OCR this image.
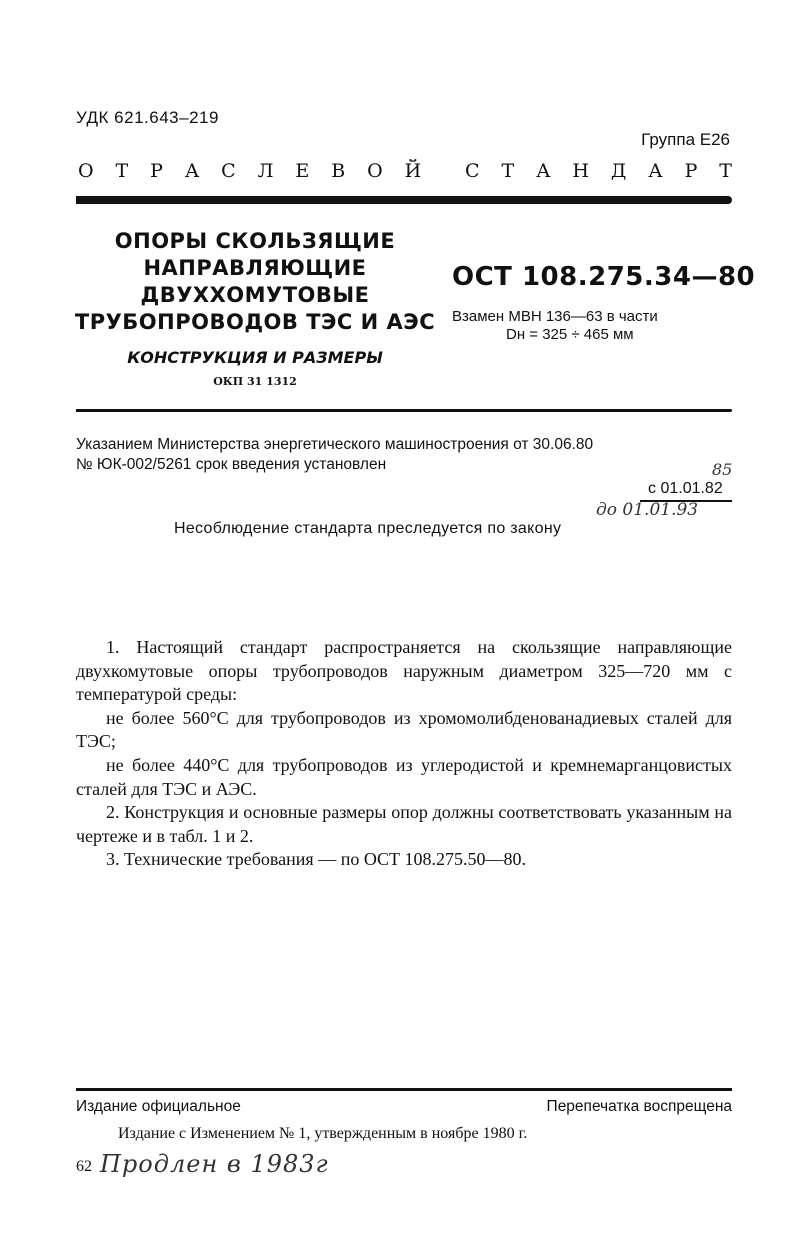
УДК 621.643–219
Группа Е26
О Т Р А С Л Е В О Й С Т А Н Д А Р Т
ОПОРЫ СКОЛЬЗЯЩИЕ
НАПРАВЛЯЮЩИЕ
ДВУХХОМУТОВЫЕ
ТРУБОПРОВОДОВ ТЭС И АЭС
КОНСТРУКЦИЯ И РАЗМЕРЫ
ОКП 31 1312
ОСТ 108.275.34—80
Взамен МВН 136—63 в части
Dн = 325 ÷ 465 мм
Указанием Министерства энергетического машиностроения от 30.06.80
№ ЮК-002/5261 срок введения установлен	85
с 01.01.82
до 01.01.93
Несоблюдение стандарта преследуется по закону

1. Настоящий стандарт распространяется на скользящие направляющие двухкомутовые опоры трубопроводов наружным диаметром 325—720 мм с температурой среды:

не более 560°С для трубопроводов из хромомолибденованадиевых сталей для ТЭС;

не более 440°С для трубопроводов из углеродистой и кремнемарганцовистых сталей для ТЭС и АЭС.

2. Конструкция и основные размеры опор должны соответствовать указанным на чертеже и в табл. 1 и 2.

3. Технические требования — по ОСТ 108.275.50—80.

Издание официальное	Перепечатка воспрещена
Издание с Изменением № 1, утвержденным в ноябре 1980 г.
62 Продлен в 1983г
